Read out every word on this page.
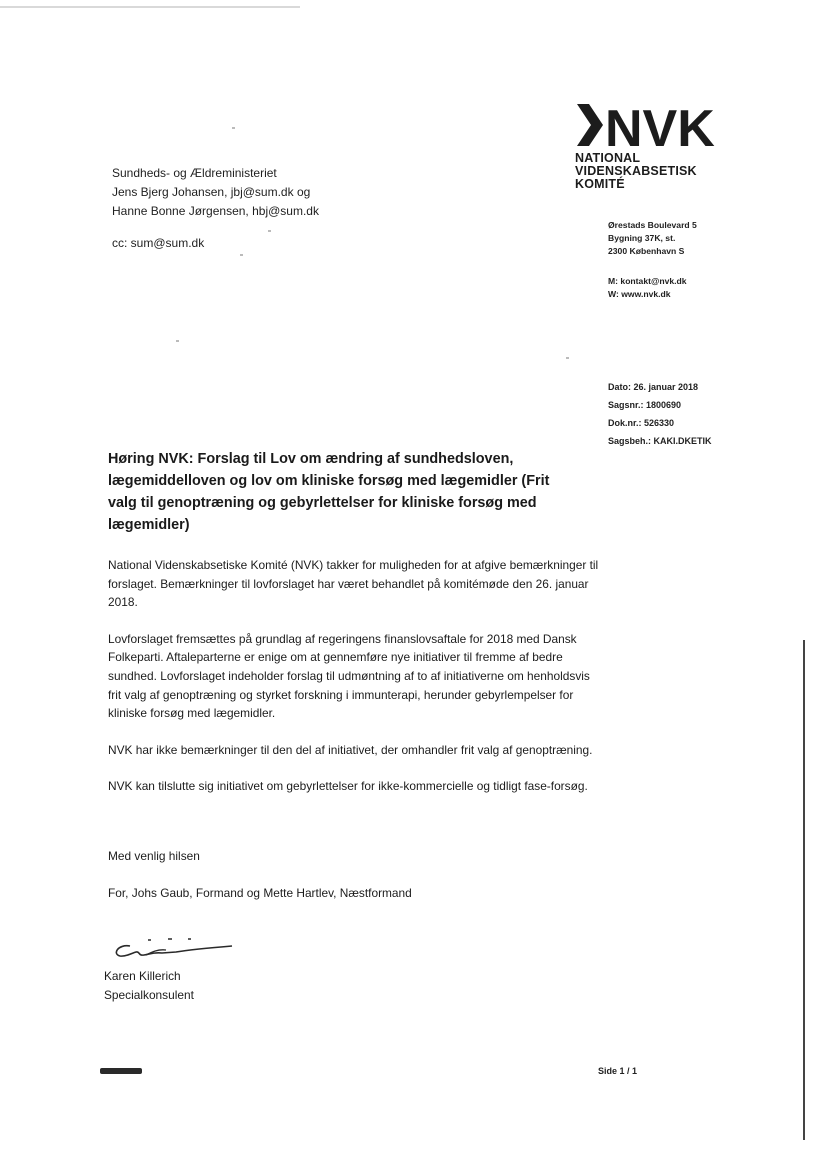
NVK
NATIONAL
VIDENSKABSETISK
KOMITÉ
Ørestads Boulevard 5
Bygning 37K, st.
2300 København S
M: kontakt@nvk.dk
W: www.nvk.dk
Sundheds- og Ældreministeriet
Jens Bjerg Johansen, jbj@sum.dk og
Hanne Bonne Jørgensen, hbj@sum.dk
cc: sum@sum.dk
Dato: 26. januar 2018
Sagsnr.: 1800690
Dok.nr.: 526330
Sagsbeh.: KAKI.DKETIK
Høring NVK: Forslag til Lov om ændring af sundhedsloven, lægemiddelloven og lov om kliniske forsøg med lægemidler (Frit valg til genoptræning og gebyrlettelser for kliniske forsøg med lægemidler)

National Videnskabsetiske Komité (NVK) takker for muligheden for at afgive bemærkninger til forslaget. Bemærkninger til lovforslaget har været behandlet på komitémøde den 26. januar 2018.

Lovforslaget fremsættes på grundlag af regeringens finanslovsaftale for 2018 med Dansk Folkeparti. Aftaleparterne er enige om at gennemføre nye initiativer til fremme af bedre sundhed. Lovforslaget indeholder forslag til udmøntning af to af initiativerne om henholdsvis frit valg af genoptræning og styrket forskning i immunterapi, herunder gebyrlempelser for kliniske forsøg med lægemidler.

NVK har ikke bemærkninger til den del af initiativet, der omhandler frit valg af genoptræning.

NVK kan tilslutte sig initiativet om gebyrlettelser for ikke-kommercielle og tidligt fase-forsøg.

Med venlig hilsen
For, Johs Gaub, Formand og Mette Hartlev, Næstformand
Karen Killerich
Specialkonsulent
Side 1 / 1
